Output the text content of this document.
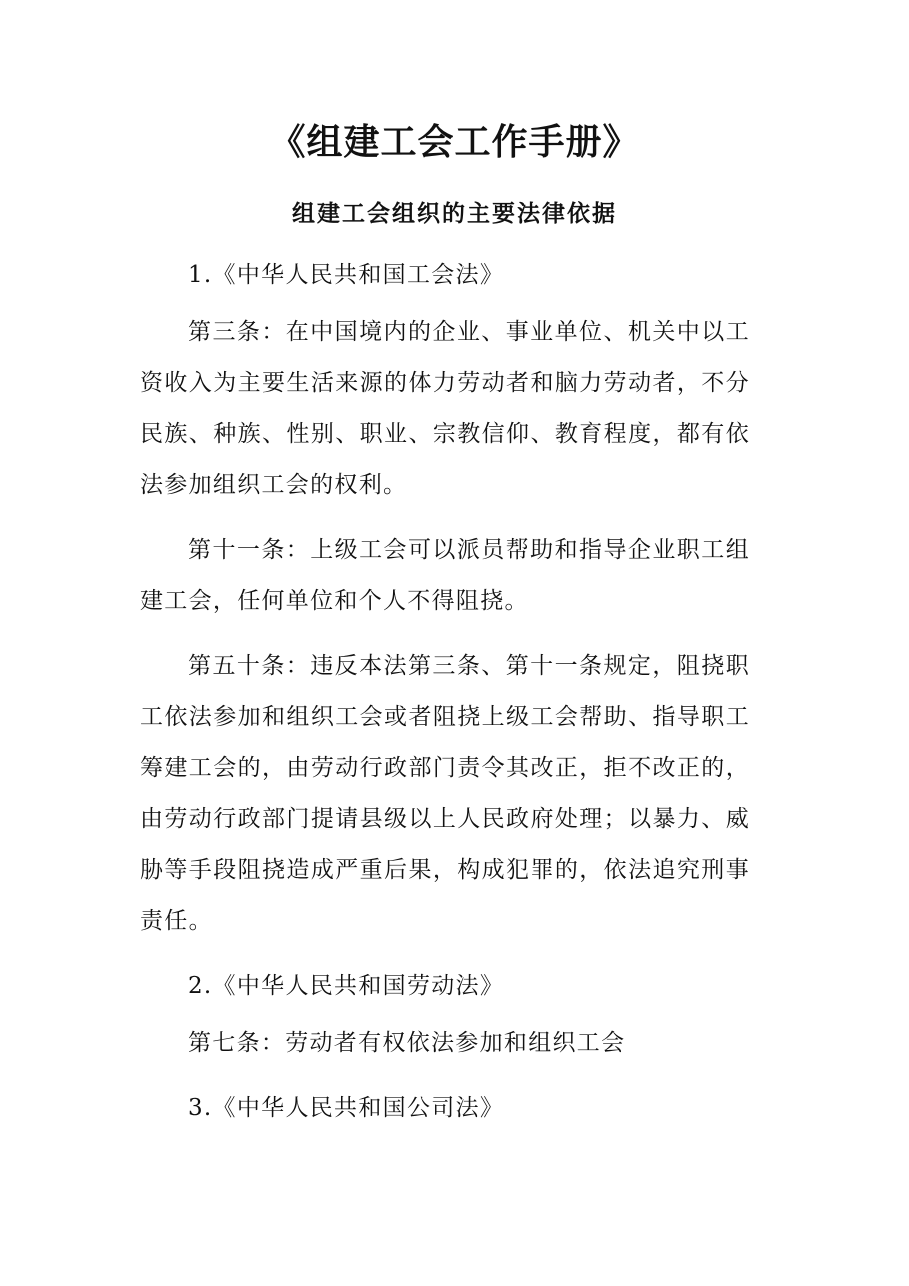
《组建工会工作手册》
组建工会组织的主要法律依据

1.《中华人民共和国工会法》

第三条：在中国境内的企业、事业单位、机关中以工资收入为主要生活来源的体力劳动者和脑力劳动者，不分民族、种族、性别、职业、宗教信仰、教育程度，都有依法参加组织工会的权利。

第十一条：上级工会可以派员帮助和指导企业职工组建工会，任何单位和个人不得阻挠。

第五十条：违反本法第三条、第十一条规定，阻挠职工依法参加和组织工会或者阻挠上级工会帮助、指导职工筹建工会的，由劳动行政部门责令其改正，拒不改正的，由劳动行政部门提请县级以上人民政府处理；以暴力、威胁等手段阻挠造成严重后果，构成犯罪的，依法追究刑事责任。

2.《中华人民共和国劳动法》

第七条：劳动者有权依法参加和组织工会

3.《中华人民共和国公司法》
